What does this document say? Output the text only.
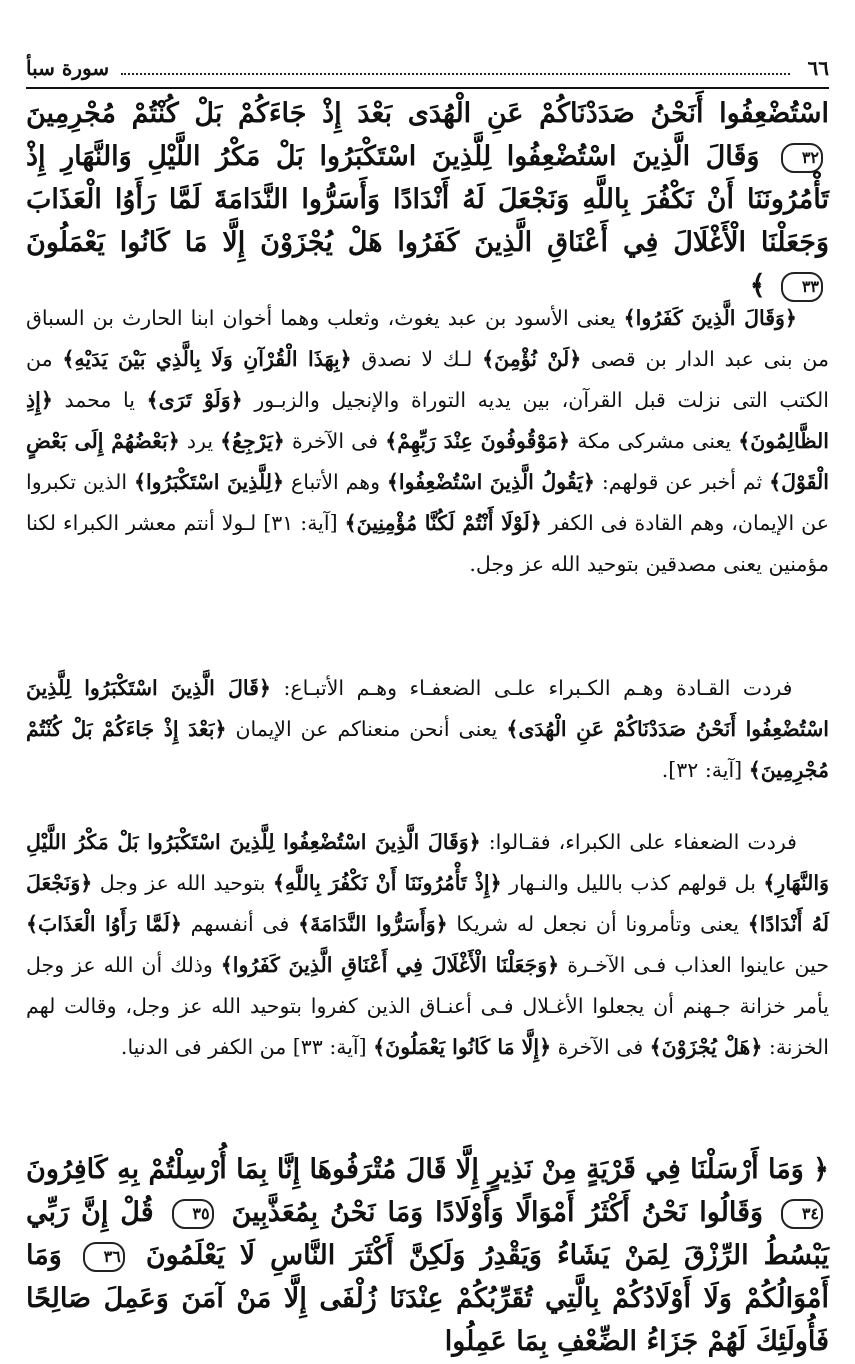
٦٦
سورة سبأ
اسْتُضْعِفُوا أَنَحْنُ صَدَدْنَاكُمْ عَنِ الْهُدَى بَعْدَ إِذْ جَاءَكُمْ بَلْ كُنْتُمْ مُجْرِمِينَ ٣٢ وَقَالَ الَّذِينَ اسْتُضْعِفُوا لِلَّذِينَ اسْتَكْبَرُوا بَلْ مَكْرُ اللَّيْلِ وَالنَّهَارِ إِذْ تَأْمُرُونَنَا أَنْ نَكْفُرَ بِاللَّهِ وَنَجْعَلَ لَهُ أَنْدَادًا وَأَسَرُّوا النَّدَامَةَ لَمَّا رَأَوُا الْعَذَابَ وَجَعَلْنَا الْأَغْلَالَ فِي أَعْنَاقِ الَّذِينَ كَفَرُوا هَلْ يُجْزَوْنَ إِلَّا مَا كَانُوا يَعْمَلُونَ ٣٣ ﴾
﴿وَقَالَ الَّذِينَ كَفَرُوا﴾ يعنى الأسود بن عبد يغوث، وثعلب وهما أخوان ابنا الحارث بن السباق من بنى عبد الدار بن قصى ﴿لَنْ نُؤْمِنَ﴾ لـك لا نصدق ﴿بِهَذَا الْقُرْآنِ وَلَا بِالَّذِي بَيْنَ يَدَيْهِ﴾ من الكتب التى نزلت قبل القرآن، بين يديه التوراة والإنجيل والزبـور ﴿وَلَوْ تَرَى﴾ يا محمد ﴿إِذِ الظَّالِمُونَ﴾ يعنى مشركى مكة ﴿مَوْقُوفُونَ عِنْدَ رَبِّهِمْ﴾ فى الآخرة ﴿يَرْجِعُ﴾ يرد ﴿بَعْضُهُمْ إِلَى بَعْضٍ الْقَوْلَ﴾ ثم أخبر عن قولهم: ﴿يَقُولُ الَّذِينَ اسْتُضْعِفُوا﴾ وهم الأتباع ﴿لِلَّذِينَ اسْتَكْبَرُوا﴾ الذين تكبروا عن الإيمان، وهم القادة فى الكفر ﴿لَوْلَا أَنْتُمْ لَكُنَّا مُؤْمِنِينَ﴾ [آية: ٣١] لـولا أنتم معشر الكبراء لكنا مؤمنين يعنى مصدقين بتوحيد الله عز وجل.
فردت القـادة وهـم الكـبراء علـى الضعفـاء وهـم الأتبـاع: ﴿قَالَ الَّذِينَ اسْتَكْبَرُوا لِلَّذِينَ اسْتُضْعِفُوا أَنَحْنُ صَدَدْنَاكُمْ عَنِ الْهُدَى﴾ يعنى أنحن منعناكم عن الإيمان ﴿بَعْدَ إِذْ جَاءَكُمْ بَلْ كُنْتُمْ مُجْرِمِينَ﴾ [آية: ٣٢].
فردت الضعفاء على الكبراء، فقـالوا: ﴿وَقَالَ الَّذِينَ اسْتُضْعِفُوا لِلَّذِينَ اسْتَكْبَرُوا بَلْ مَكْرُ اللَّيْلِ وَالنَّهَارِ﴾ بل قولهم كذب بالليل والنـهار ﴿إِذْ تَأْمُرُونَنَا أَنْ نَكْفُرَ بِاللَّهِ﴾ بتوحيد الله عز وجل ﴿وَنَجْعَلَ لَهُ أَنْدَادًا﴾ يعنى وتأمرونا أن نجعل له شريكا ﴿وَأَسَرُّوا النَّدَامَةَ﴾ فى أنفسهم ﴿لَمَّا رَأَوُا الْعَذَابَ﴾ حين عاينوا العذاب فـى الآخـرة ﴿وَجَعَلْنَا الْأَغْلَالَ فِي أَعْنَاقِ الَّذِينَ كَفَرُوا﴾ وذلك أن الله عز وجل يأمر خزانة جـهنم أن يجعلوا الأغـلال فـى أعنـاق الذين كفروا بتوحيد الله عز وجل، وقالت لهم الخزنة: ﴿هَلْ يُجْزَوْنَ﴾ فى الآخرة ﴿إِلَّا مَا كَانُوا يَعْمَلُونَ﴾ [آية: ٣٣] من الكفر فى الدنيا.
﴿ وَمَا أَرْسَلْنَا فِي قَرْيَةٍ مِنْ نَذِيرٍ إِلَّا قَالَ مُتْرَفُوهَا إِنَّا بِمَا أُرْسِلْتُمْ بِهِ كَافِرُونَ ٣٤ وَقَالُوا نَحْنُ أَكْثَرُ أَمْوَالًا وَأَوْلَادًا وَمَا نَحْنُ بِمُعَذَّبِينَ ٣٥ قُلْ إِنَّ رَبِّي يَبْسُطُ الرِّزْقَ لِمَنْ يَشَاءُ وَيَقْدِرُ وَلَكِنَّ أَكْثَرَ النَّاسِ لَا يَعْلَمُونَ ٣٦ وَمَا أَمْوَالُكُمْ وَلَا أَوْلَادُكُمْ بِالَّتِي تُقَرِّبُكُمْ عِنْدَنَا زُلْفَى إِلَّا مَنْ آمَنَ وَعَمِلَ صَالِحًا فَأُولَئِكَ لَهُمْ جَزَاءُ الضِّعْفِ بِمَا عَمِلُوا
